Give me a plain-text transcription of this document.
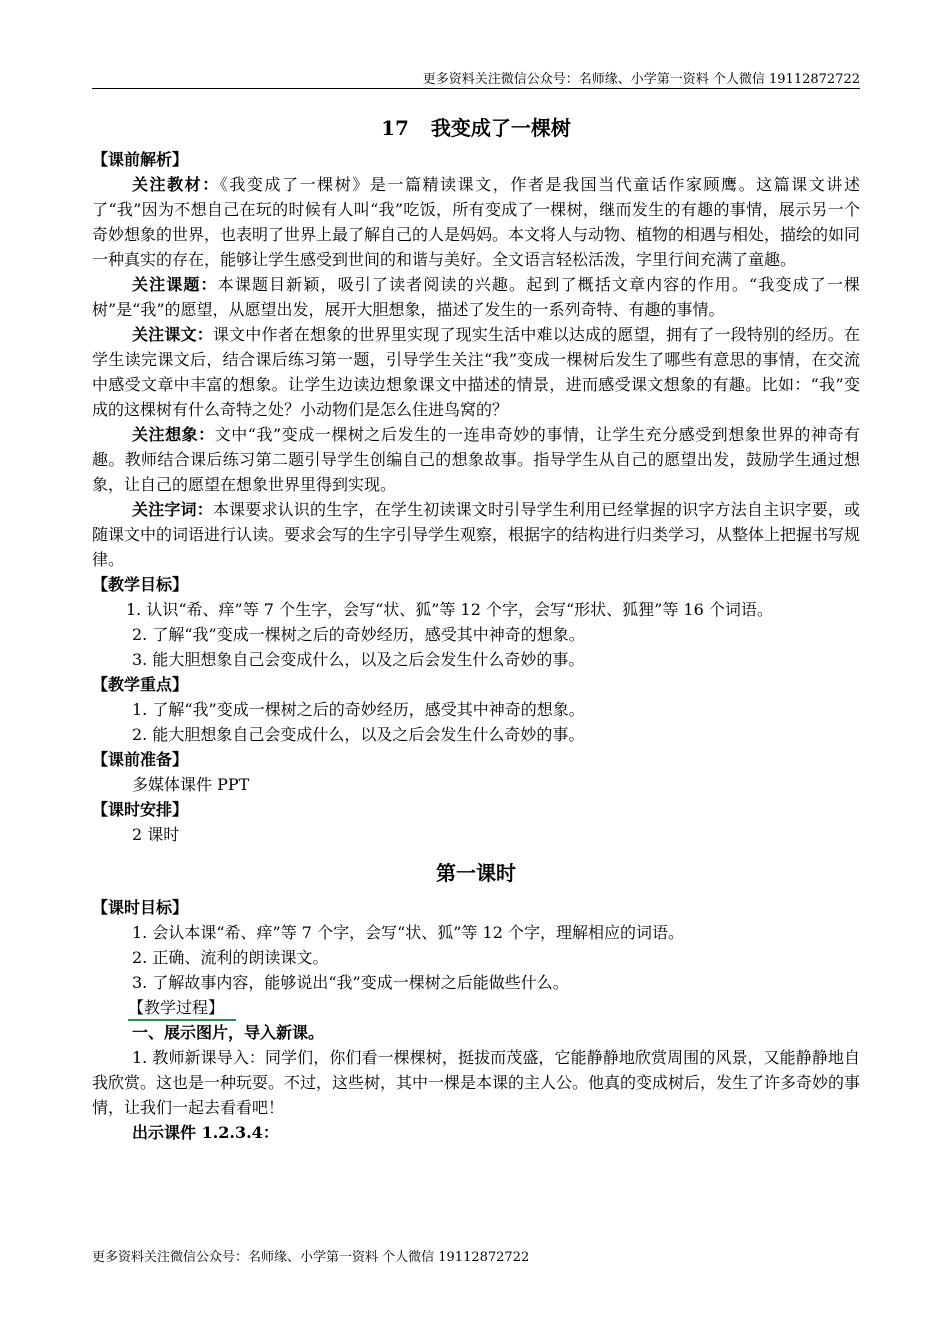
更多资料关注微信公众号：名师缘、小学第一资料 个人微信 19112872722
17 我变成了一棵树

【课前解析】

关注教材：《我变成了一棵树》是一篇精读课文，作者是我国当代童话作家顾鹰。这篇课文讲述了“我”因为不想自己在玩的时候有人叫“我”吃饭，所有变成了一棵树，继而发生的有趣的事情，展示另一个奇妙想象的世界，也表明了世界上最了解自己的人是妈妈。本文将人与动物、植物的相遇与相处，描绘的如同一种真实的存在，能够让学生感受到世间的和谐与美好。全文语言轻松活泼，字里行间充满了童趣。

关注课题：本课题目新颖，吸引了读者阅读的兴趣。起到了概括文章内容的作用。“我变成了一棵树”是“我”的愿望，从愿望出发，展开大胆想象，描述了发生的一系列奇特、有趣的事情。

关注课文：课文中作者在想象的世界里实现了现实生活中难以达成的愿望，拥有了一段特别的经历。在学生读完课文后，结合课后练习第一题，引导学生关注“我”变成一棵树后发生了哪些有意思的事情，在交流中感受文章中丰富的想象。让学生边读边想象课文中描述的情景，进而感受课文想象的有趣。比如：“我”变成的这棵树有什么奇特之处？小动物们是怎么住进鸟窝的？

关注想象：文中“我”变成一棵树之后发生的一连串奇妙的事情，让学生充分感受到想象世界的神奇有趣。教师结合课后练习第二题引导学生创编自己的想象故事。指导学生从自己的愿望出发，鼓励学生通过想象，让自己的愿望在想象世界里得到实现。

关注字词：本课要求认识的生字，在学生初读课文时引导学生利用已经掌握的识字方法自主识字要，或随课文中的词语进行认读。要求会写的生字引导学生观察，根据字的结构进行归类学习，从整体上把握书写规律。

【教学目标】

1. 认识“希、痒”等 7 个生字，会写“状、狐”等 12 个字，会写“形状、狐狸”等 16 个词语。

2. 了解“我”变成一棵树之后的奇妙经历，感受其中神奇的想象。

3. 能大胆想象自己会变成什么，以及之后会发生什么奇妙的事。

【教学重点】

1. 了解“我”变成一棵树之后的奇妙经历，感受其中神奇的想象。

2. 能大胆想象自己会变成什么，以及之后会发生什么奇妙的事。

【课前准备】

多媒体课件 PPT

【课时安排】

2 课时

第一课时

【课时目标】

1. 会认本课“希、痒”等 7 个字，会写“状、狐”等 12 个字，理解相应的词语。

2. 正确、流利的朗读课文。

3. 了解故事内容，能够说出“我”变成一棵树之后能做些什么。

【教学过程】

一、展示图片，导入新课。

1. 教师新课导入：同学们，你们看一棵棵树，挺拔而茂盛，它能静静地欣赏周围的风景，又能静静地自我欣赏。这也是一种玩耍。不过，这些树，其中一棵是本课的主人公。他真的变成树后，发生了许多奇妙的事情，让我们一起去看看吧！

出示课件 1.2.3.4：

更多资料关注微信公众号：名师缘、小学第一资料 个人微信 19112872722
